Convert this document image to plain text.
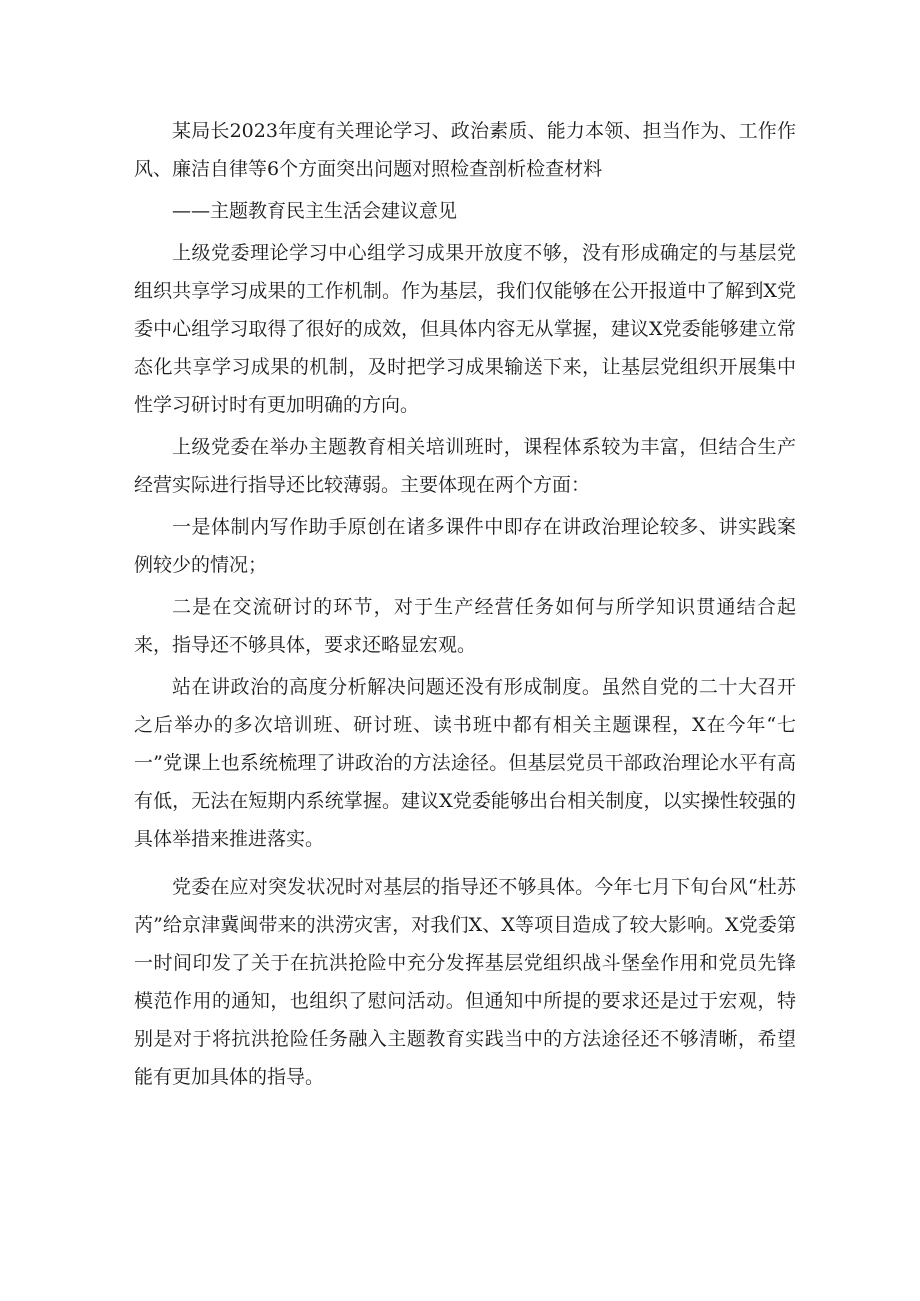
某局长2023年度有关理论学习、政治素质、能力本领、担当作为、工作作风、廉洁自律等6个方面突出问题对照检查剖析检查材料

——主题教育民主生活会建议意见

上级党委理论学习中心组学习成果开放度不够，没有形成确定的与基层党组织共享学习成果的工作机制。作为基层，我们仅能够在公开报道中了解到X党委中心组学习取得了很好的成效，但具体内容无从掌握，建议X党委能够建立常态化共享学习成果的机制，及时把学习成果输送下来，让基层党组织开展集中性学习研讨时有更加明确的方向。

上级党委在举办主题教育相关培训班时，课程体系较为丰富，但结合生产经营实际进行指导还比较薄弱。主要体现在两个方面：

一是体制内写作助手原创在诸多课件中即存在讲政治理论较多、讲实践案例较少的情况；

二是在交流研讨的环节，对于生产经营任务如何与所学知识贯通结合起来，指导还不够具体，要求还略显宏观。

站在讲政治的高度分析解决问题还没有形成制度。虽然自党的二十大召开之后举办的多次培训班、研讨班、读书班中都有相关主题课程，X在今年“七一”党课上也系统梳理了讲政治的方法途径。但基层党员干部政治理论水平有高有低，无法在短期内系统掌握。建议X党委能够出台相关制度，以实操性较强的具体举措来推进落实。

党委在应对突发状况时对基层的指导还不够具体。今年七月下旬台风“杜苏芮”给京津冀闽带来的洪涝灾害，对我们X、X等项目造成了较大影响。X党委第一时间印发了关于在抗洪抢险中充分发挥基层党组织战斗堡垒作用和党员先锋模范作用的通知，也组织了慰问活动。但通知中所提的要求还是过于宏观，特别是对于将抗洪抢险任务融入主题教育实践当中的方法途径还不够清晰，希望能有更加具体的指导。
